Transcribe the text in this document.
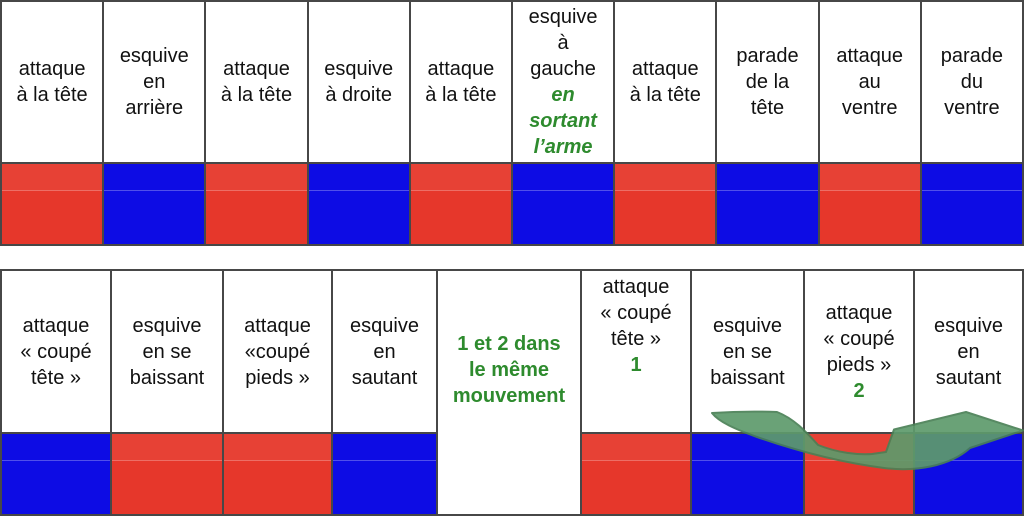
attaque
à la tête
esquive
en
arrière
attaque
à la tête
esquive
à droite
attaque
à la tête
esquive
à
gauche
en
sortant
l’arme
attaque
à la tête
parade
de la
tête
attaque
au
ventre
parade
du
ventre
attaque
« coupé
tête »
esquive
en se
baissant
attaque
«coupé
pieds »
esquive
en
sautant
1 et 2 dans
le même
mouvement
attaque
« coupé
tête »
1
esquive
en se
baissant
attaque
« coupé
pieds »
2
esquive
en
sautant
